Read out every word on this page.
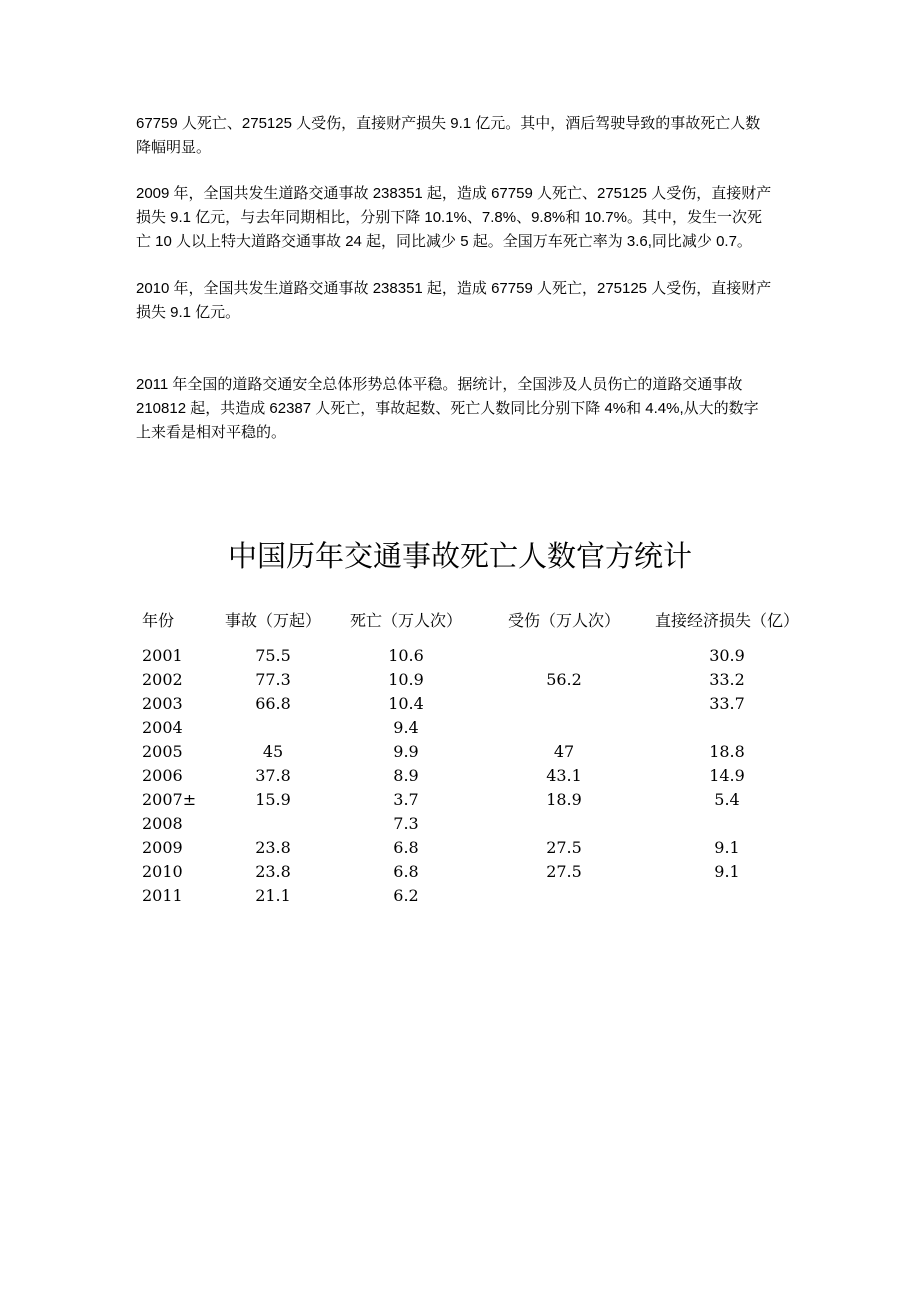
67759 人死亡、275125 人受伤，直接财产损失 9.1 亿元。其中，酒后驾驶导致的事故死亡人数
降幅明显。

2009 年，全国共发生道路交通事故 238351 起，造成 67759 人死亡、275125 人受伤，直接财产
损失 9.1 亿元，与去年同期相比，分别下降 10.1%、7.8%、9.8%和 10.7%。其中，发生一次死
亡 10 人以上特大道路交通事故 24 起，同比减少 5 起。全国万车死亡率为 3.6,同比减少 0.7。

2010 年，全国共发生道路交通事故 238351 起，造成 67759 人死亡，275125 人受伤，直接财产
损失 9.1 亿元。

2011 年全国的道路交通安全总体形势总体平稳。据统计，全国涉及人员伤亡的道路交通事故
210812 起，共造成 62387 人死亡，事故起数、死亡人数同比分别下降 4%和 4.4%,从大的数字
上来看是相对平稳的。

中国历年交通事故死亡人数官方统计
年份	事故（万起）	死亡（万人次）	受伤（万人次）	直接经济损失（亿）
2001	75.5	10.6		30.9
2002	77.3	10.9	56.2	33.2
2003	66.8	10.4		33.7
2004		9.4		
2005	45	9.9	47	18.8
2006	37.8	8.9	43.1	14.9
2007±	15.9	3.7	18.9	5.4
2008		7.3		
2009	23.8	6.8	27.5	9.1
2010	23.8	6.8	27.5	9.1
2011	21.1	6.2		
